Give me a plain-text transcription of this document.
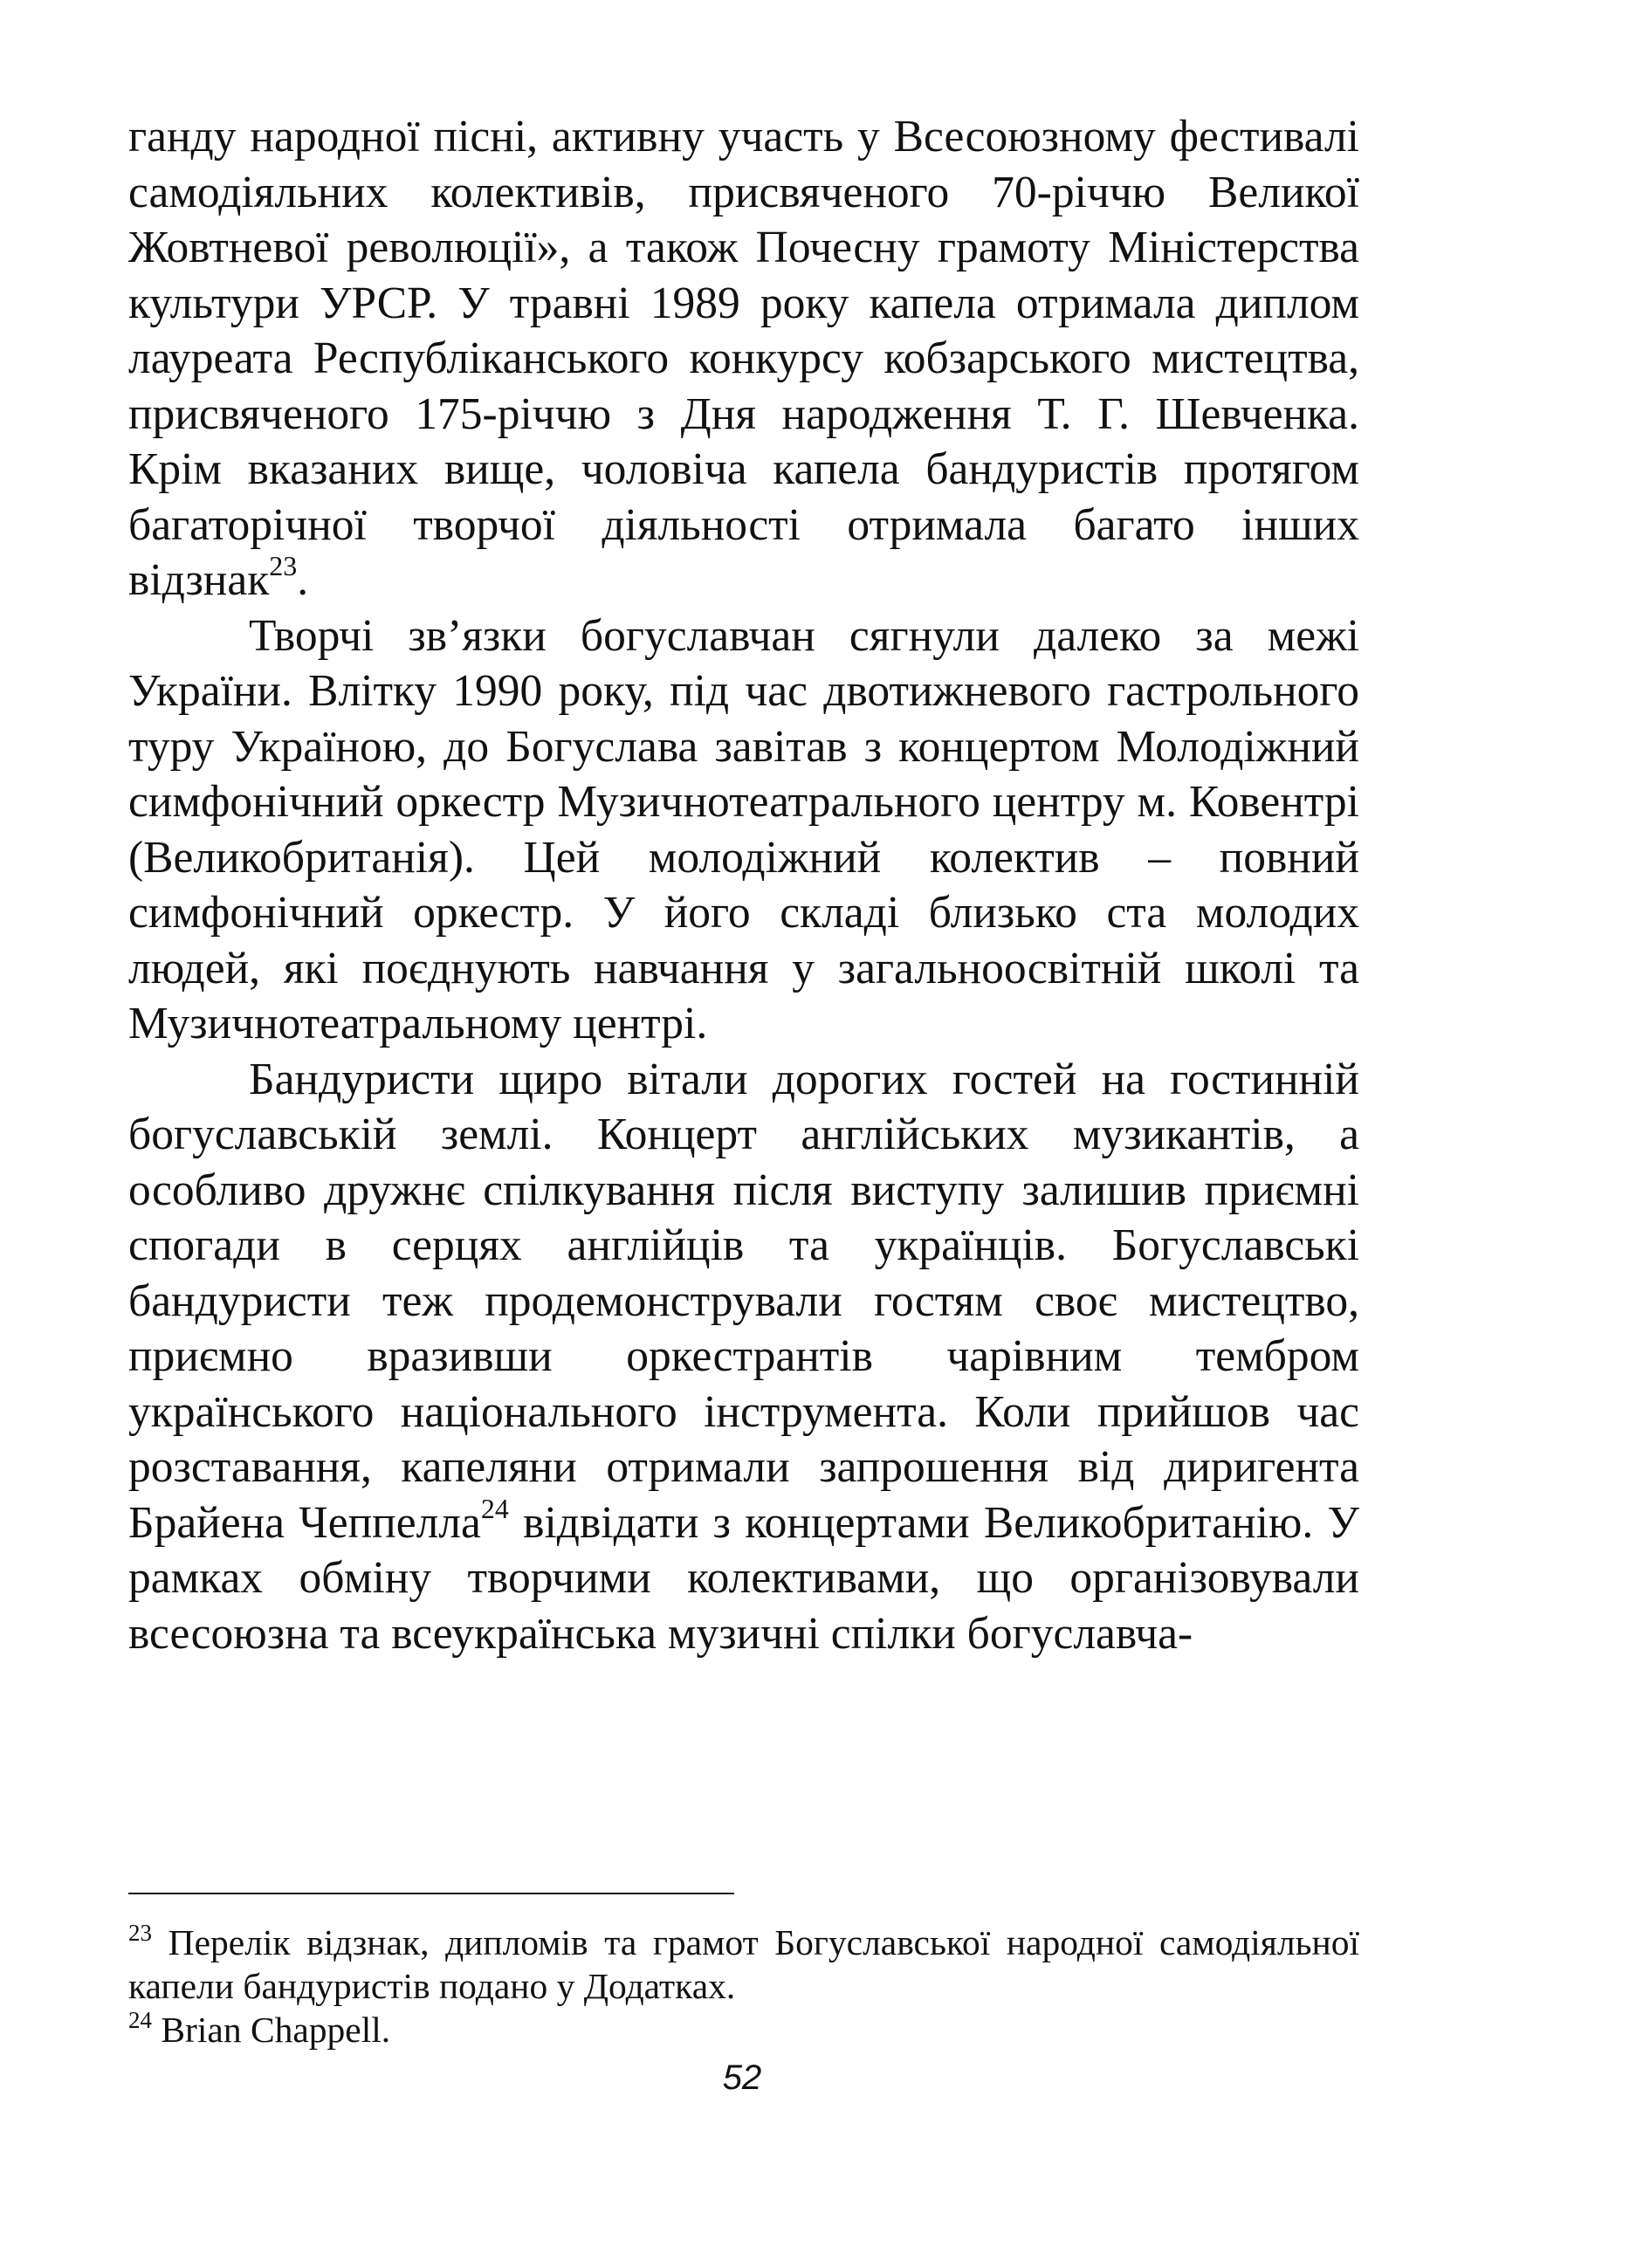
ганду народної пісні, активну участь у Всесоюзному фестивалі самодіяльних колективів, присвяченого 70-річчю Великої Жовтневої революції», а також Почесну грамоту Міністерства культури УРСР. У травні 1989 року капела отримала диплом лауреата Республіканського конкурсу кобзарського мистецтва, присвяченого 175-річчю з Дня народження Т. Г. Шевченка. Крім вказаних вище, чоловіча капела бандуристів протягом багаторічної творчої діяльності отримала багато інших відзнак$^{23}$.

Творчі зв’язки богуславчан сягнули далеко за межі України. Влітку 1990 року, під час двотижневого гастрольного туру Україною, до Богуслава завітав з концертом Молодіжний симфонічний оркестр Музичнотеатрального центру м. Ковентрі (Великобританія). Цей молодіжний колектив – повний симфонічний оркестр. У його складі близько ста молодих людей, які поєднують навчання у загальноосвітній школі та Музичнотеатральному центрі.

Бандуристи щиро вітали дорогих гостей на гостинній богуславській землі. Концерт англійських музикантів, а особливо дружнє спілкування після виступу залишив приємні спогади в серцях англійців та українців. Богуславські бандуристи теж продемонстрували гостям своє мистецтво, приємно вразивши оркестрантів чарівним тембром українського національного інструмента. Коли прийшов час розставання, капеляни отримали запрошення від диригента Брайена Чеппелла$^{24}$ відвідати з концертами Великобританію. У рамках обміну творчими колективами, що організовували всесоюзна та всеукраїнська музичні спілки богуславча-

$^{23}$ Перелік відзнак, дипломів та грамот Богуславської народної самодіяльної капели бандуристів подано у Додатках.

$^{24}$ Brian Chappell.

52
